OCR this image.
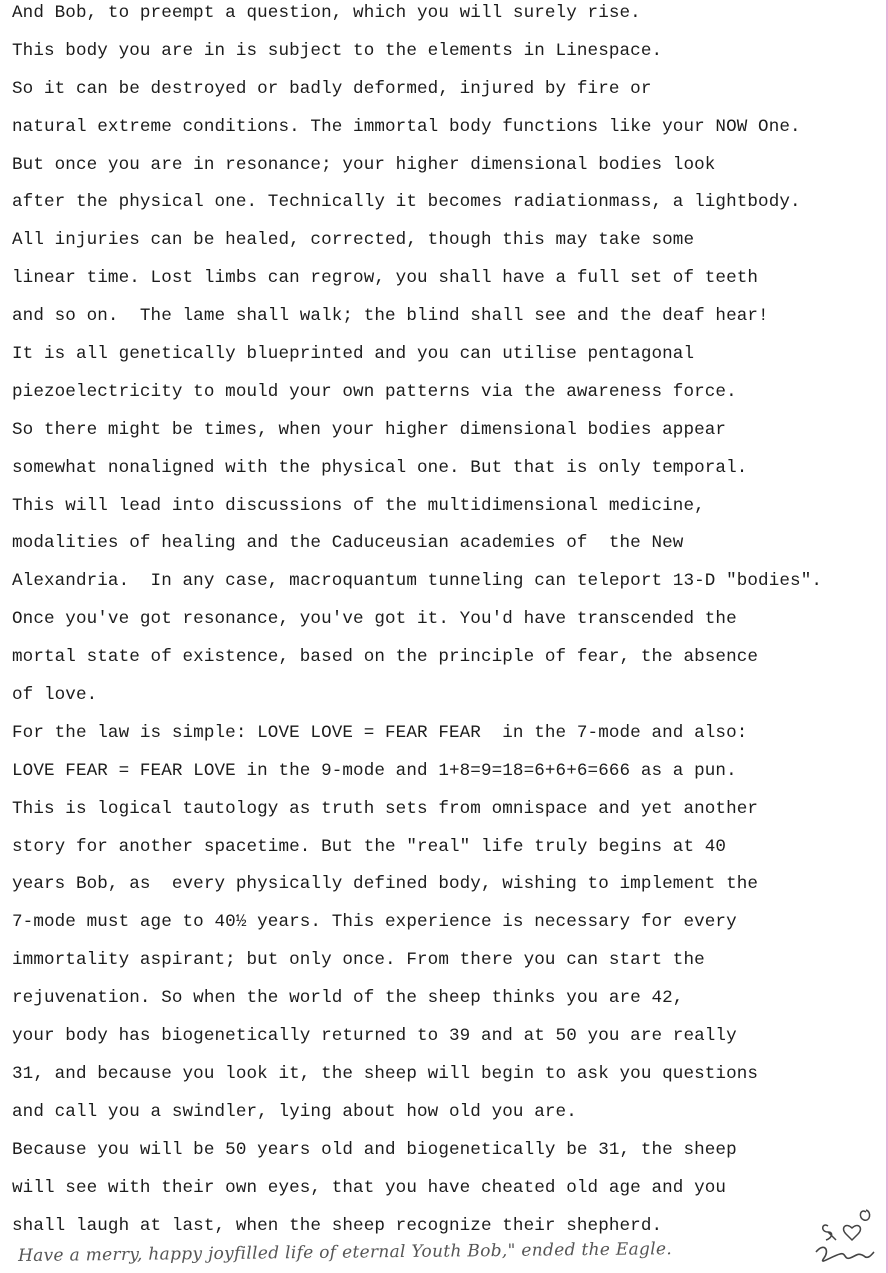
And Bob, to preempt a question, which you will surely rise.
This body you are in is subject to the elements in Linespace.
So it can be destroyed or badly deformed, injured by fire or
natural extreme conditions. The immortal body functions like your NOW One.
But once you are in resonance; your higher dimensional bodies look
after the physical one. Technically it becomes radiationmass, a lightbody.
All injuries can be healed, corrected, though this may take some
linear time. Lost limbs can regrow, you shall have a full set of teeth
and so on.  The lame shall walk; the blind shall see and the deaf hear!
It is all genetically blueprinted and you can utilise pentagonal
piezoelectricity to mould your own patterns via the awareness force.
So there might be times, when your higher dimensional bodies appear
somewhat nonaligned with the physical one. But that is only temporal.
This will lead into discussions of the multidimensional medicine,
modalities of healing and the Caduceusian academies of  the New
Alexandria.  In any case, macroquantum tunneling can teleport 13-D "bodies".
Once you've got resonance, you've got it. You'd have transcended the
mortal state of existence, based on the principle of fear, the absence
of love.
For the law is simple: LOVE LOVE = FEAR FEAR  in the 7-mode and also:
LOVE FEAR = FEAR LOVE in the 9-mode and 1+8=9=18=6+6+6=666 as a pun.
This is logical tautology as truth sets from omnispace and yet another
story for another spacetime. But the "real" life truly begins at 40
years Bob, as  every physically defined body, wishing to implement the
7-mode must age to 40½ years. This experience is necessary for every
immortality aspirant; but only once. From there you can start the
rejuvenation. So when the world of the sheep thinks you are 42,
your body has biogenetically returned to 39 and at 50 you are really
31, and because you look it, the sheep will begin to ask you questions
and call you a swindler, lying about how old you are.
Because you will be 50 years old and biogenetically be 31, the sheep
will see with their own eyes, that you have cheated old age and you
shall laugh at last, when the sheep recognize their shepherd.
Have a merry, happy joyfilled life of eternal Youth Bob," ended the Eagle.
